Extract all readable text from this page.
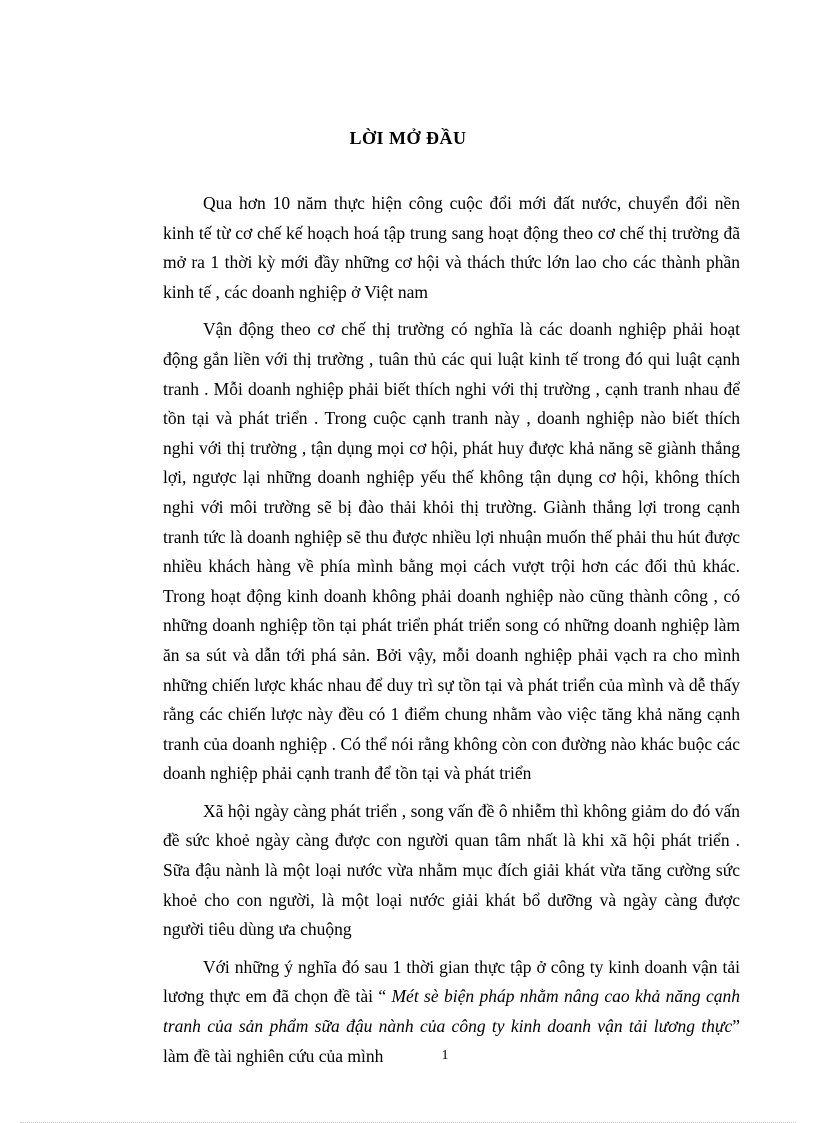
LỜI MỞ ĐẦU

Qua hơn 10 năm thực hiện công cuộc đổi mới đất nước, chuyển đổi nền kinh tế từ cơ chế kế hoạch hoá tập trung sang hoạt động theo cơ chế thị trường đã mở ra 1 thời kỳ mới đầy những cơ hội và thách thức lớn lao cho các thành phần kinh tế , các doanh nghiệp ở Việt nam

Vận động theo cơ chế thị trường có nghĩa là các doanh nghiệp phải hoạt động gắn liền với thị trường , tuân thủ các qui luật kinh tế trong đó qui luật cạnh tranh . Mỗi doanh nghiệp phải biết thích nghi với thị trường , cạnh tranh nhau để tồn tại và phát triển . Trong cuộc cạnh tranh này , doanh nghiệp nào biết thích nghi với thị trường , tận dụng mọi cơ hội, phát huy được khả năng sẽ giành thắng lợi, ngược lại những doanh nghiệp yếu thế không tận dụng cơ hội, không thích nghi với môi trường sẽ bị đào thải khỏi thị trường. Giành thắng lợi trong cạnh tranh tức là doanh nghiệp sẽ thu được nhiều lợi nhuận muốn thế phải thu hút được nhiều khách hàng về phía mình bằng mọi cách vượt trội hơn các đối thủ khác. Trong hoạt động kinh doanh không phải doanh nghiệp nào cũng thành công , có những doanh nghiệp tồn tại phát triển phát triển song có những doanh nghiệp làm ăn sa sút và dẫn tới phá sản. Bởi vậy, mỗi doanh nghiệp phải vạch ra cho mình những chiến lược khác nhau để duy trì sự tồn tại và phát triển của mình và dễ thấy rằng các chiến lược này đều có 1 điểm chung nhằm vào việc tăng khả năng cạnh tranh của doanh nghiệp . Có thể nói rằng không còn con đường nào khác buộc các doanh nghiệp phải cạnh tranh để tồn tại và phát triển

Xã hội ngày càng phát triển , song vấn đề ô nhiễm thì không giảm do đó vấn đề sức khoẻ ngày càng được con người quan tâm nhất là khi xã hội phát triển . Sữa đậu nành là một loại nước vừa nhằm mục đích giải khát vừa tăng cường sức khoẻ cho con người, là một loại nước giải khát bổ dưỡng và ngày càng được người tiêu dùng ưa chuộng

Với những ý nghĩa đó sau 1 thời gian thực tập ở công ty kinh doanh vận tải lương thực em đã chọn đề tài “ Mét sè biện pháp nhằm nâng cao khả năng cạnh tranh của sản phẩm sữa đậu nành của công ty kinh doanh vận tải lương thực” làm đề tài nghiên cứu của mình	1
